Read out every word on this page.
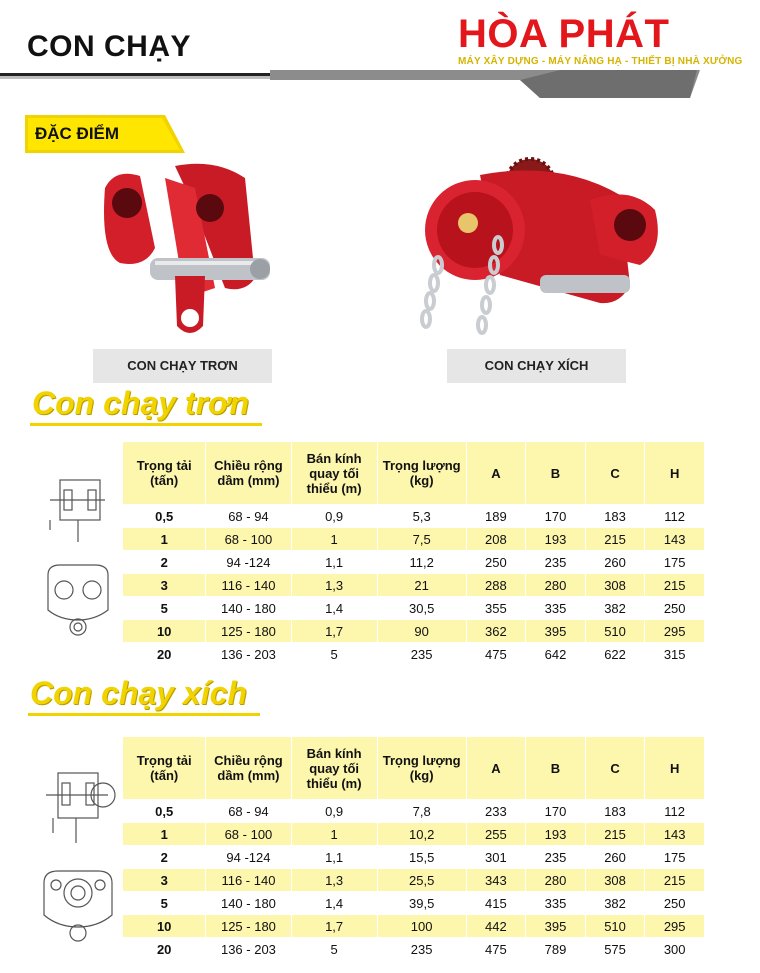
CON CHẠY	HÒA PHÁT
MÁY XÂY DỰNG - MÁY NÂNG HẠ - THIẾT BỊ NHÀ XƯỞNG
ĐẶC ĐIỂM
CON CHẠY TRƠN	CON CHẠY XÍCH
Con chạy trơn
Trọng tải (tấn)	Chiều rộng dầm (mm)	Bán kính quay tối thiểu (m)	Trọng lượng (kg)	A	B	C	H
0,5	68 - 94	0,9	5,3	189	170	183	112
1	68 - 100	1	7,5	208	193	215	143
2	94 -124	1,1	11,2	250	235	260	175
3	116 - 140	1,3	21	288	280	308	215
5	140 - 180	1,4	30,5	355	335	382	250
10	125 - 180	1,7	90	362	395	510	295
20	136 - 203	5	235	475	642	622	315
Con chạy xích
Trọng tải (tấn)	Chiều rộng dầm (mm)	Bán kính quay tối thiểu (m)	Trọng lượng (kg)	A	B	C	H
0,5	68 - 94	0,9	7,8	233	170	183	112
1	68 - 100	1	10,2	255	193	215	143
2	94 -124	1,1	15,5	301	235	260	175
3	116 - 140	1,3	25,5	343	280	308	215
5	140 - 180	1,4	39,5	415	335	382	250
10	125 - 180	1,7	100	442	395	510	295
20	136 - 203	5	235	475	789	575	300
